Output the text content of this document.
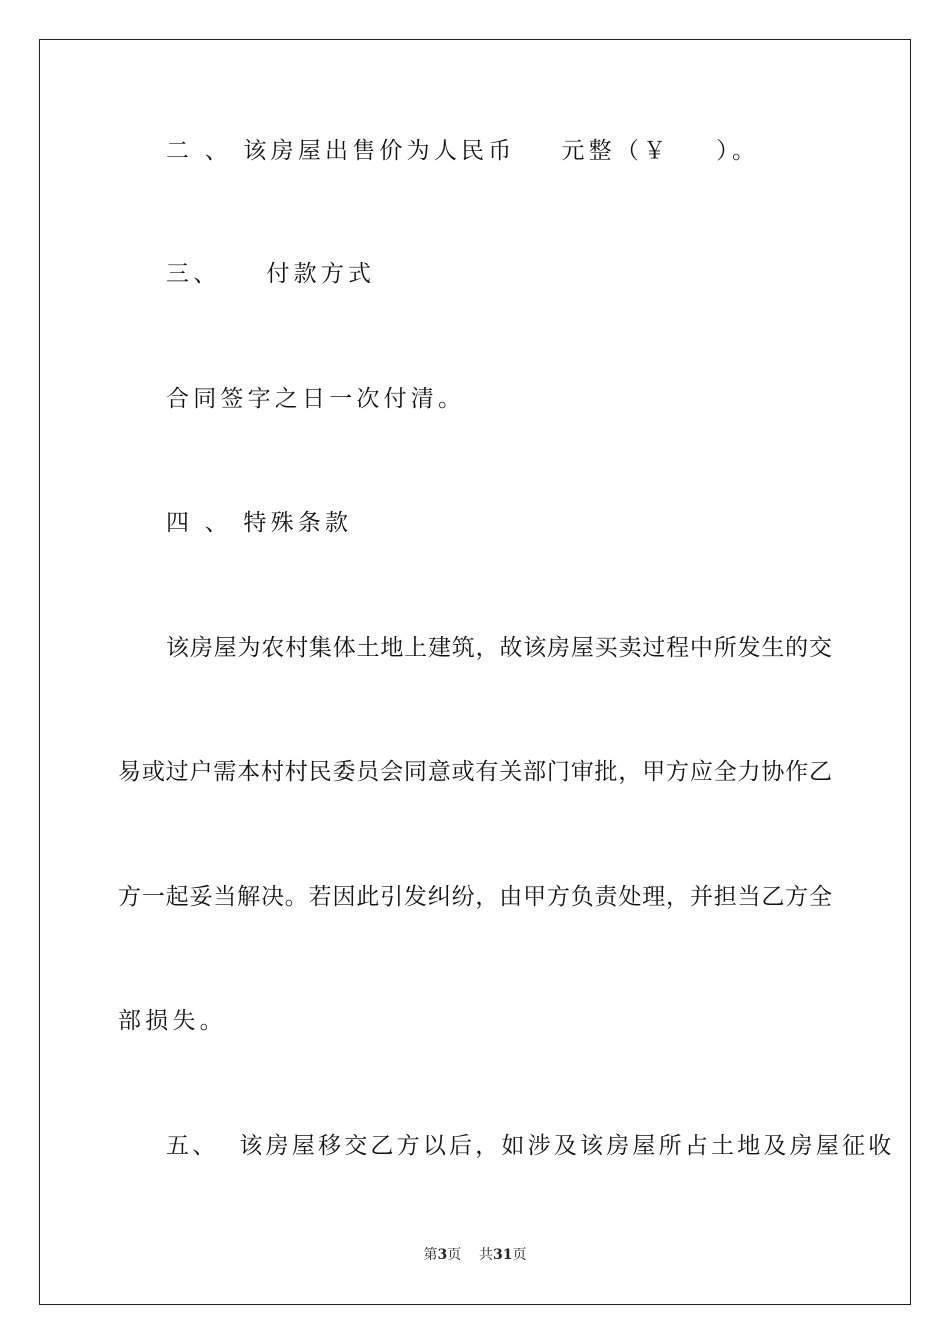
二 、 该房屋出售价为人民币    元整（￥    ）。
三、    付款方式
合同签字之日一次付清。
四 、 特殊条款
该房屋为农村集体土地上建筑，故该房屋买卖过程中所发生的交
易或过户需本村村民委员会同意或有关部门审批，甲方应全力协作乙
方一起妥当解决。若因此引发纠纷，由甲方负责处理，并担当乙方全
部损失。
五、  该房屋移交乙方以后，如涉及该房屋所占土地及房屋征收
第3页 共31页
